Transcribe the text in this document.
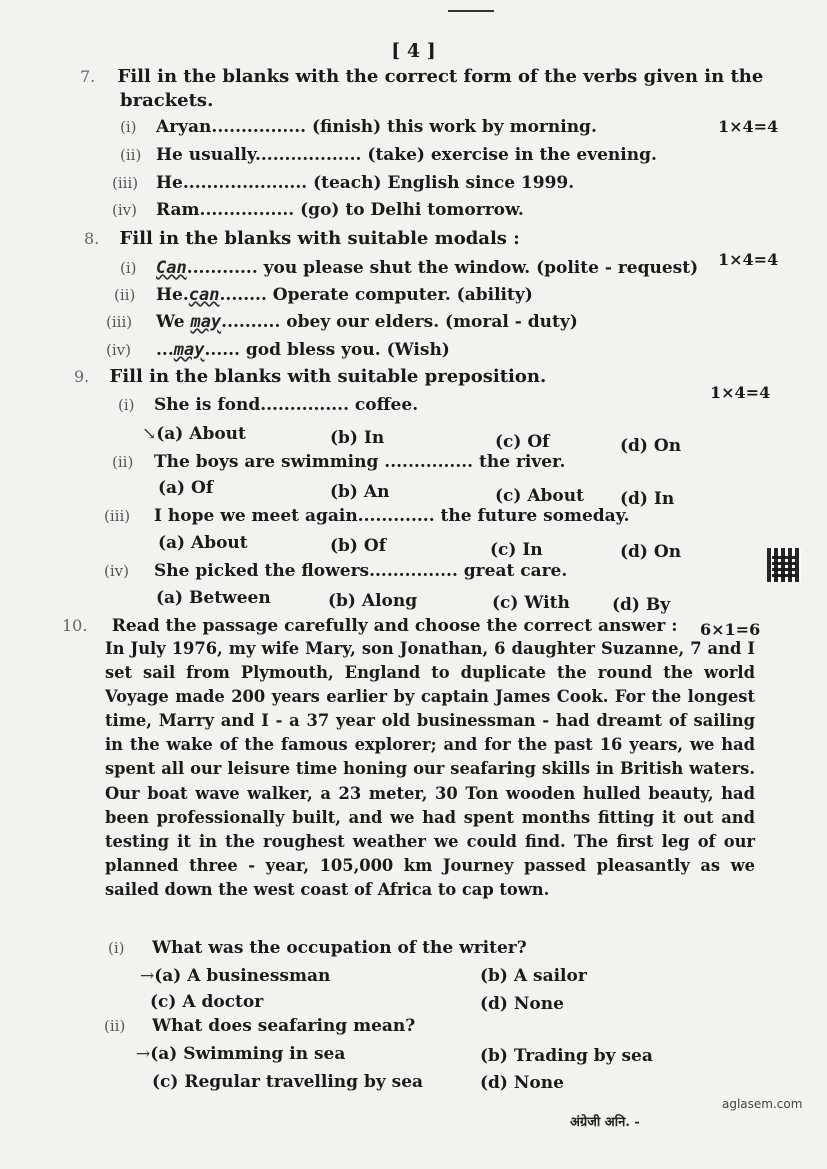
[ 4 ]
7. Fill in the blanks with the correct form of the verbs given in the
brackets.
1×4=4
(i) Aryan................ (finish) this work by morning.
(ii) He usually.................. (take) exercise in the evening.
(iii) He..................... (teach) English since 1999.
(iv) Ram................ (go) to Delhi tomorrow.
8. Fill in the blanks with suitable modals :
1×4=4
(i) Can............ you please shut the window. (polite - request)
(ii) He.can........ Operate computer. (ability)
(iii) We may.......... obey our elders. (moral - duty)
(iv) ...may...... god bless you. (Wish)
9. Fill in the blanks with suitable preposition.
1×4=4
(i) She is fond............... coffee.
↘(a) About	(b) In	(c) Of	(d) On
(ii) The boys are swimming ............... the river.
(a) Of	(b) An	(c) About (d) In
(iii) I hope we meet again............. the future someday.
(a) About	(b) Of	(c) In	(d) On
(iv) She picked the flowers............... great care.
(a) Between	(b) Along	(c) With (d) By
10. Read the passage carefully and choose the correct answer : 6×1=6

In July 1976, my wife Mary, son Jonathan, 6 daughter Suzanne, 7 and I set sail from Plymouth, England to duplicate the round the world Voyage made 200 years earlier by captain James Cook. For the longest time, Marry and I - a 37 year old businessman - had dreamt of sailing in the wake of the famous explorer; and for the past 16 years, we had spent all our leisure time honing our seafaring skills in British waters. Our boat wave walker, a 23 meter, 30 Ton wooden hulled beauty, had been professionally built, and we had spent months fitting it out and testing it in the roughest weather we could find. The first leg of our planned three - year, 105,000 km Journey passed pleasantly as we sailed down the west coast of Africa to cap town.

(i) What was the occupation of the writer?
→(a) A businessman	(b) A sailor
(c) A doctor	(d) None
(ii) What does seafaring mean?
→(a) Swimming in sea	(b) Trading by sea
(c) Regular travelling by sea	(d) None
aglasem.com
अंग्रेजी अनि. -
